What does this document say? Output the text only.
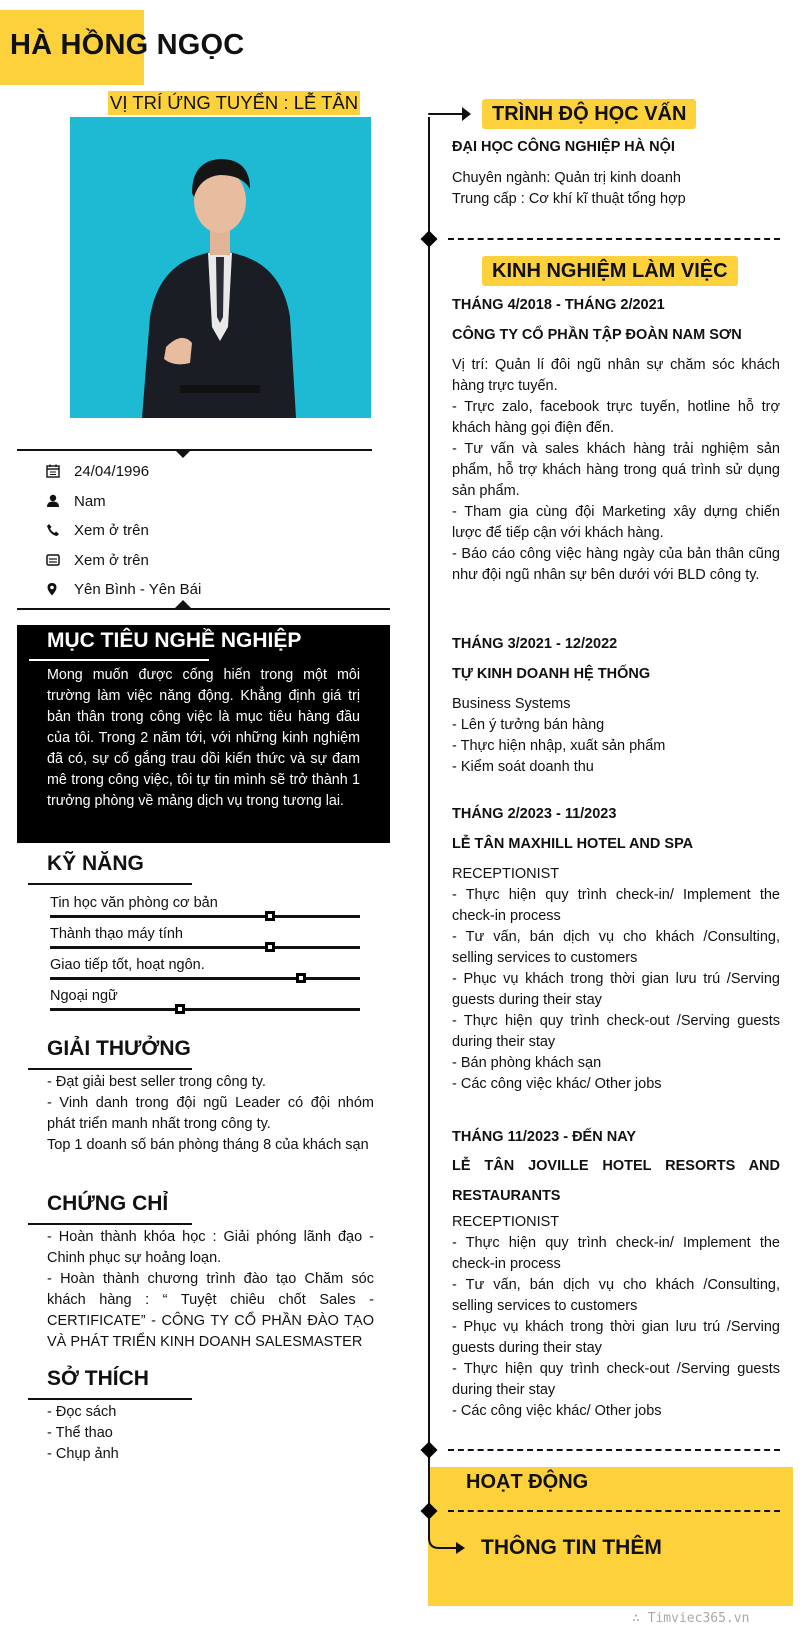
HÀ HỒNG NGỌC
VỊ TRÍ ỨNG TUYỂN : LỄ TÂN
24/04/1996
Nam
Xem ở trên
Xem ở trên
Yên Bình - Yên Bái
MỤC TIÊU NGHỀ NGHIỆP
Mong muốn được cống hiến trong một môi trường làm việc năng động. Khẳng định giá trị bản thân trong công việc là mục tiêu hàng đầu của tôi. Trong 2 năm tới, với những kinh nghiệm đã có, sự cố gắng trau dồi kiến thức và sự đam mê trong công việc, tôi tự tin mình sẽ trở thành 1 trưởng phòng về mảng dịch vụ trong tương lai.
KỸ NĂNG
Tin học văn phòng cơ bản
Thành thạo máy tính
Giao tiếp tốt, hoạt ngôn.
Ngoại ngữ
GIẢI THƯỞNG
- Đạt giải best seller trong công ty.
- Vinh danh trong đội ngũ Leader có đội nhóm phát triển manh nhất trong công ty.
Top 1 doanh số bán phòng tháng 8 của khách sạn
CHỨNG CHỈ
- Hoàn thành khóa học : Giải phóng lãnh đạo - Chinh phục sự hoảng loạn.
- Hoàn thành chương trình đào tạo Chăm sóc khách hàng : “ Tuyệt chiêu chốt Sales - CERTIFICATE” - CÔNG TY CỔ PHẦN ĐÀO TẠO VÀ PHÁT TRIỂN KINH DOANH SALESMASTER
SỞ THÍCH
- Đọc sách
- Thể thao
- Chụp ảnh
TRÌNH ĐỘ HỌC VẤN
ĐẠI HỌC CÔNG NGHIỆP HÀ NỘI
Chuyên ngành: Quản trị kinh doanh
Trung cấp : Cơ khí kĩ thuật tổng hợp
KINH NGHIỆM LÀM VIỆC
THÁNG 4/2018 - THÁNG 2/2021
CÔNG TY CỔ PHẦN TẬP ĐOÀN NAM SƠN
Vị trí: Quản lí đôi ngũ nhân sự chăm sóc khách hàng trực tuyến.
- Trực zalo, facebook trực tuyến, hotline hỗ trợ khách hàng gọi điện đến.
- Tư vấn và sales khách hàng trải nghiệm sản phẩm, hỗ trợ khách hàng trong quá trình sử dụng sản phẩm.
- Tham gia cùng đội Marketing xây dựng chiến lược để tiếp cận với khách hàng.
- Báo cáo công việc hàng ngày của bản thân cũng như đội ngũ nhân sự bên dưới với BLD công ty.
THÁNG 3/2021 - 12/2022
TỰ KINH DOANH HỆ THỐNG
Business Systems
- Lên ý tưởng bán hàng
- Thực hiện nhập, xuất sản phẩm
- Kiểm soát doanh thu
THÁNG 2/2023 - 11/2023
LỄ TÂN MAXHILL HOTEL AND SPA
RECEPTIONIST
- Thực hiện quy trình check-in/ Implement the check-in process
- Tư vấn, bán dịch vụ cho khách /Consulting, selling services to customers
- Phục vụ khách trong thời gian lưu trú /Serving guests during their stay
- Thực hiện quy trình check-out /Serving guests during their stay
- Bán phòng khách sạn
- Các công việc khác/ Other jobs
THÁNG 11/2023 - ĐẾN NAY
LỄ TÂN JOVILLE HOTEL RESORTS AND RESTAURANTS
RECEPTIONIST
- Thực hiện quy trình check-in/ Implement the check-in process
- Tư vấn, bán dịch vụ cho khách /Consulting, selling services to customers
- Phục vụ khách trong thời gian lưu trú /Serving guests during their stay
- Thực hiện quy trình check-out /Serving guests during their stay
- Các công việc khác/ Other jobs
HOẠT ĐỘNG
THÔNG TIN THÊM
∴ Timviec365.vn
